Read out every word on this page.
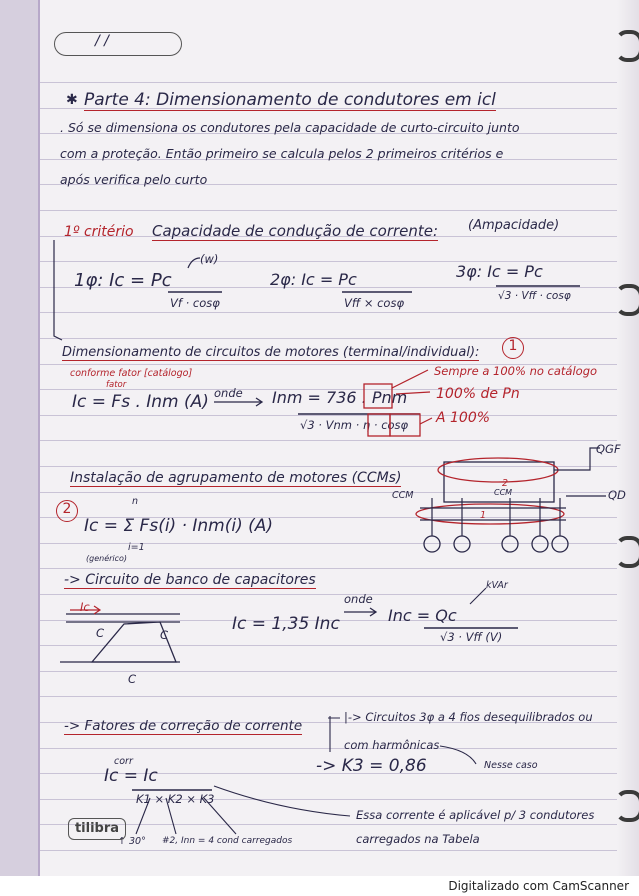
/ /
✱ Parte 4: Dimensionamento de condutores em icl
. Só se dimensiona os condutores pela capacidade de curto-circuito junto
com a proteção. Então primeiro se calcula pelos 2 primeiros critérios e
após verifica pelo curto
1º critério Capacidade de condução de corrente: (Ampacidade)
(w)
1φ: Ic = Pc
Vf · cosφ
2φ: Ic = Pc
Vff × cosφ
3φ: Ic = Pc
√3 · Vff · cosφ
Dimensionamento de circuitos de motores (terminal/individual):	1
conforme fator [catálogo]
fator
Ic = Fs . Inm (A) onde Inm = 736 . Pnm
√3 · Vnm · η · cosφ
Sempre a 100% no catálogo
100% de Pn
A 100%
Instalação de agrupamento de motores (CCMs)
2	n
Ic = Σ Fs(i) · Inm(i) (A)
i=1
(genérico)
CCM
QGF
QD
2
1
CCM
-> Circuito de banco de capacitores
Ic
C	C
C
Ic = 1,35 Inc
onde
Inc = Qc
√3 · Vff (V)
kVAr
-> Fatores de correção de corrente
corr
Ic = Ic
K1 × K2 × K3
|-> Circuitos 3φ a 4 fios desequilibrados ou
com harmônicas
-> K3 = 0,86	Nesse caso
↑ 30° #2, Inn = 4 cond carregados
Essa corrente é aplicável p/ 3 condutores
carregados na Tabela
tilibra
Digitalizado com CamScanner
